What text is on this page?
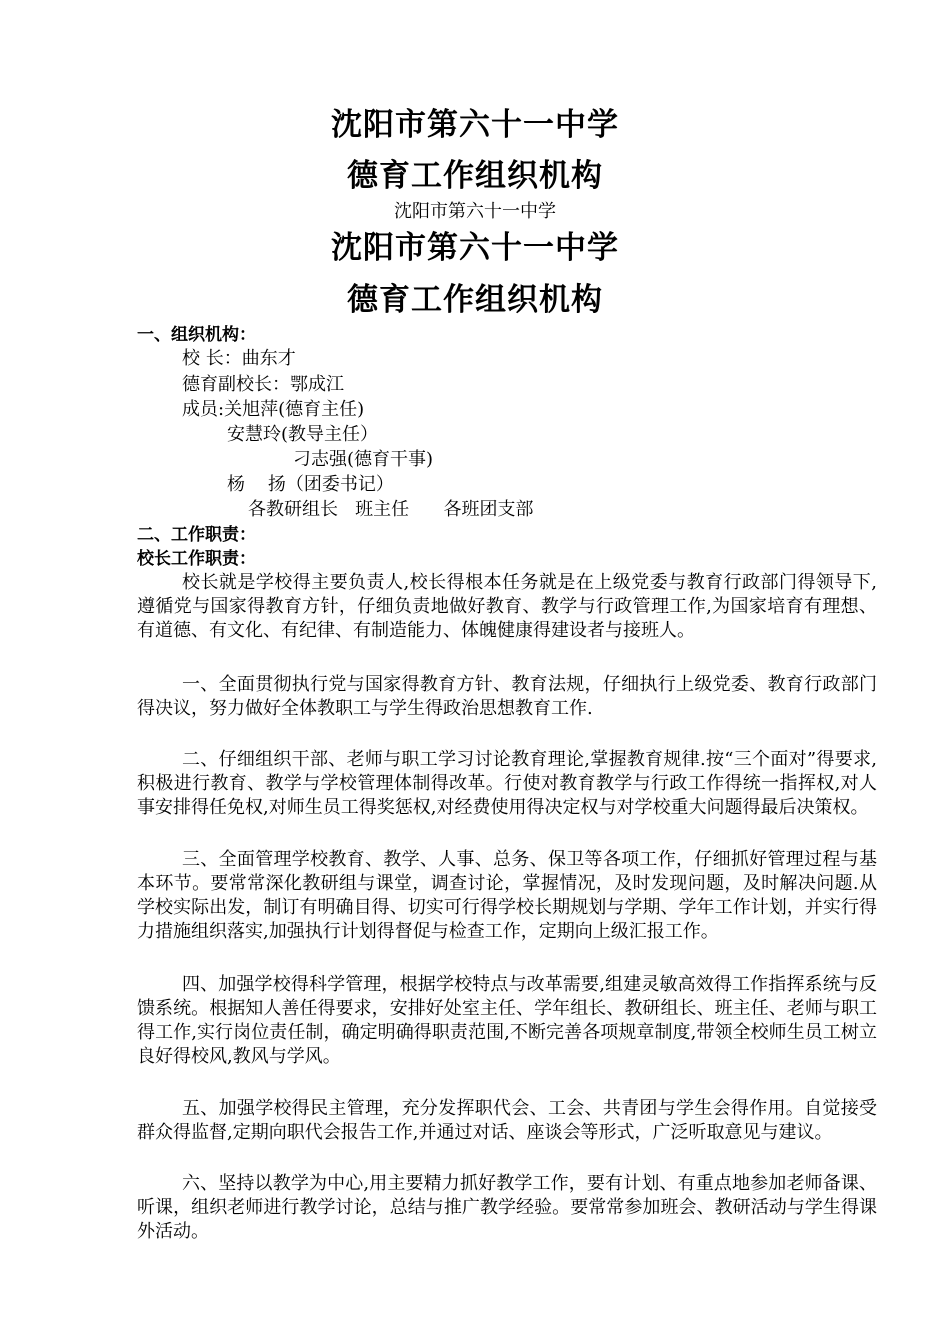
沈阳市第六十一中学
德育工作组织机构
沈阳市第六十一中学
沈阳市第六十一中学
德育工作组织机构
一、组织机构：
校 长：曲东才
德育副校长：鄂成江
成员:关旭萍(德育主任)
安慧玲(教导主任）
刁志强(德育干事)
杨    扬（团委书记）
各教研组长   班主任      各班团支部
二、工作职责：
校长工作职责：
校长就是学校得主要负责人,校长得根本任务就是在上级党委与教育行政部门得领导下,遵循党与国家得教育方针，仔细负责地做好教育、教学与行政管理工作,为国家培育有理想、有道德、有文化、有纪律、有制造能力、体魄健康得建设者与接班人。
一、全面贯彻执行党与国家得教育方针、教育法规，仔细执行上级党委、教育行政部门得决议，努力做好全体教职工与学生得政治思想教育工作.
二、仔细组织干部、老师与职工学习讨论教育理论,掌握教育规律.按“三个面对”得要求,积极进行教育、教学与学校管理体制得改革。行使对教育教学与行政工作得统一指挥权,对人事安排得任免权,对师生员工得奖惩权,对经费使用得决定权与对学校重大问题得最后决策权。
三、全面管理学校教育、教学、人事、总务、保卫等各项工作，仔细抓好管理过程与基本环节。要常常深化教研组与课堂，调查讨论，掌握情况，及时发现问题，及时解决问题.从学校实际出发，制订有明确目得、切实可行得学校长期规划与学期、学年工作计划，并实行得力措施组织落实,加强执行计划得督促与检查工作，定期向上级汇报工作。
四、加强学校得科学管理，根据学校特点与改革需要,组建灵敏高效得工作指挥系统与反馈系统。根据知人善任得要求，安排好处室主任、学年组长、教研组长、班主任、老师与职工得工作,实行岗位责任制，确定明确得职责范围,不断完善各项规章制度,带领全校师生员工树立良好得校风,教风与学风。
五、加强学校得民主管理，充分发挥职代会、工会、共青团与学生会得作用。自觉接受群众得监督,定期向职代会报告工作,并通过对话、座谈会等形式，广泛听取意见与建议。
六、坚持以教学为中心,用主要精力抓好教学工作，要有计划、有重点地参加老师备课、听课，组织老师进行教学讨论，总结与推广教学经验。要常常参加班会、教研活动与学生得课外活动。
